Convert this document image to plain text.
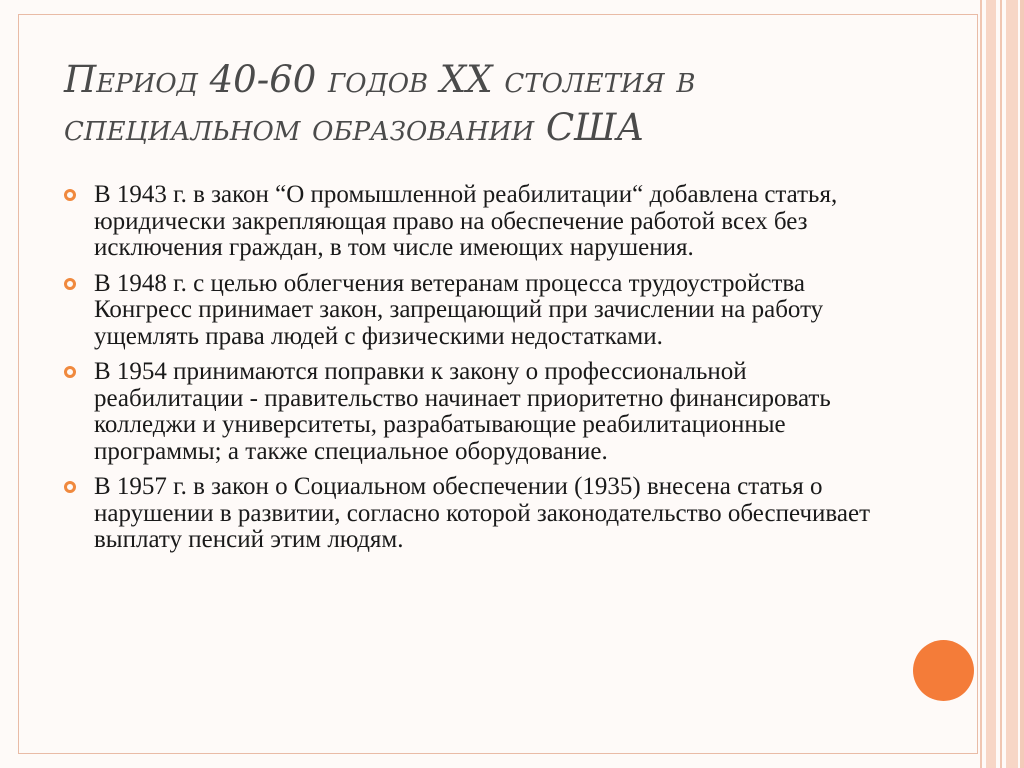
Период 40-60 годов XX столетия в специальном образовании США
В 1943 г. в закон “О промышленной реабилитации“ добавлена статья, юридически закрепляющая право на обеспечение работой всех без исключения граждан, в том числе имеющих нарушения.
В 1948 г. с целью облегчения ветеранам процесса трудоустройства Конгресс принимает закон, запрещающий при зачислении на работу ущемлять права людей с физическими недостатками.
В 1954 принимаются поправки к закону о профессиональной реабилитации - правительство начинает приоритетно финансировать колледжи и университеты, разрабатывающие реабилитационные программы; а также специальное оборудование.
В 1957 г. в закон о Социальном обеспечении (1935) внесена статья о нарушении в развитии, согласно которой законодательство обеспечивает выплату пенсий этим людям.
